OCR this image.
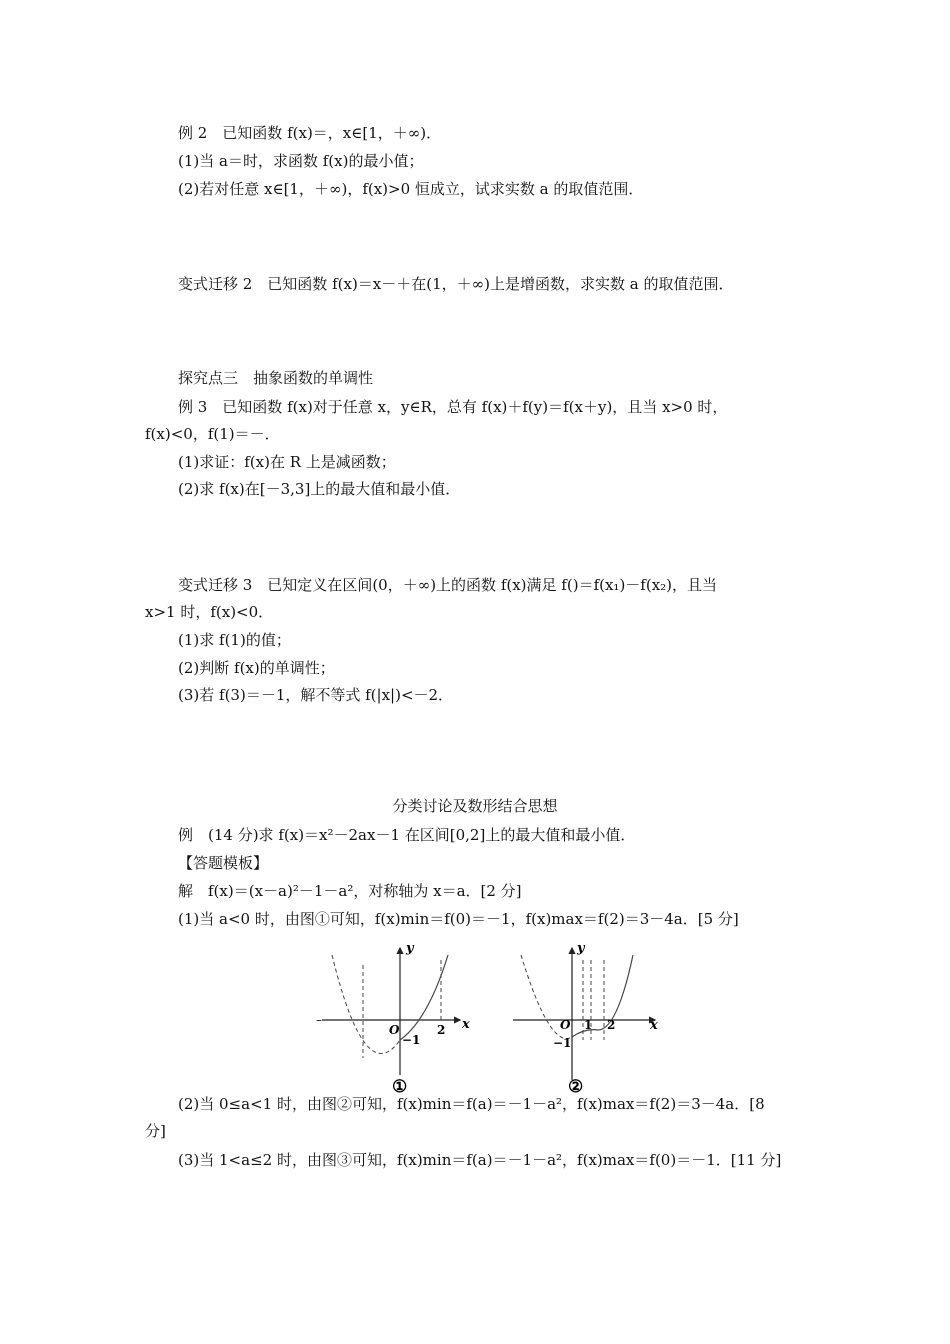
例 2　已知函数 f(x)＝，x∈[1，＋∞)．
(1)当 a＝时，求函数 f(x)的最小值；
(2)若对任意 x∈[1，＋∞)，f(x)>0 恒成立，试求实数 a 的取值范围．
变式迁移 2　已知函数 f(x)＝x－＋在(1，＋∞)上是增函数，求实数 a 的取值范围．
探究点三　抽象函数的单调性
例 3　已知函数 f(x)对于任意 x，y∈R，总有 f(x)＋f(y)＝f(x＋y)，且当 x>0 时，
f(x)<0，f(1)＝－．
(1)求证：f(x)在 R 上是减函数；
(2)求 f(x)在[－3,3]上的最大值和最小值．
变式迁移 3　已知定义在区间(0，＋∞)上的函数 f(x)满足 f()＝f(x₁)－f(x₂)，且当
x>1 时，f(x)<0．
(1)求 f(1)的值；
(2)判断 f(x)的单调性；
(3)若 f(3)＝－1，解不等式 f(|x|)<－2．
分类讨论及数形结合思想
例　(14 分)求 f(x)＝x²－2ax－1 在区间[0,2]上的最大值和最小值．
【答题模板】
解　f(x)＝(x－a)²－1－a²，对称轴为 x＝a．[2 分]
(1)当 a<0 时，由图①可知，f(x)min＝f(0)＝－1，f(x)max＝f(2)＝3－4a．[5 分]
y
x
O
−1
2
–
①
y
x
O 1 2
−1
②
(2)当 0≤a<1 时，由图②可知，f(x)min＝f(a)＝－1－a²，f(x)max＝f(2)＝3－4a．[8
分]
(3)当 1<a≤2 时，由图③可知，f(x)min＝f(a)＝－1－a²，f(x)max＝f(0)＝－1．[11 分]
